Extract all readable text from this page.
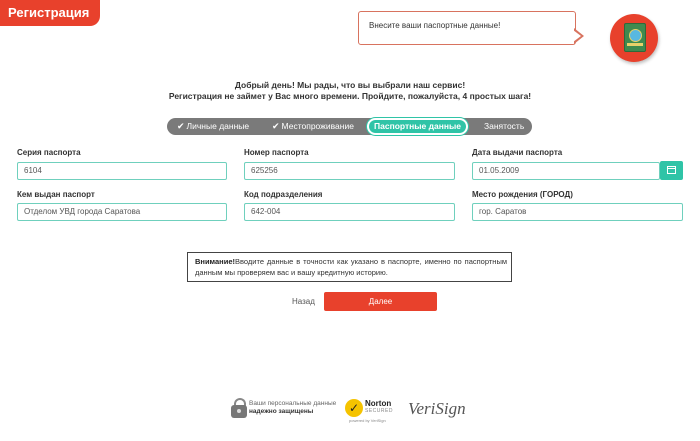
Регистрация
Внесите ваши паспортные данные!
Добрый день! Мы рады, что вы выбрали наш сервис!
Регистрация не займет у Вас много времени. Пройдите, пожалуйста, 4 простых шага!
✔ Личные данные	✔ Местопроживание	Паспортные данные	Занятость
Серия паспорта
6104
Номер паспорта
625256
Дата выдачи паспорта
01.05.2009
Кем выдан паспорт
Отделом УВД города Саратова
Код подразделения
642-004
Место рождения (ГОРОД)
гор. Саратов
Внимание!Вводите данные в точности как указано в паспорте, именно по паспортным данным мы проверяем вас и вашу кредитную историю.
Назад	Далее
Ваши персональные данные
надежно защищены	✓ Norton
SECURED
powered by VeriSign
VeriSign
